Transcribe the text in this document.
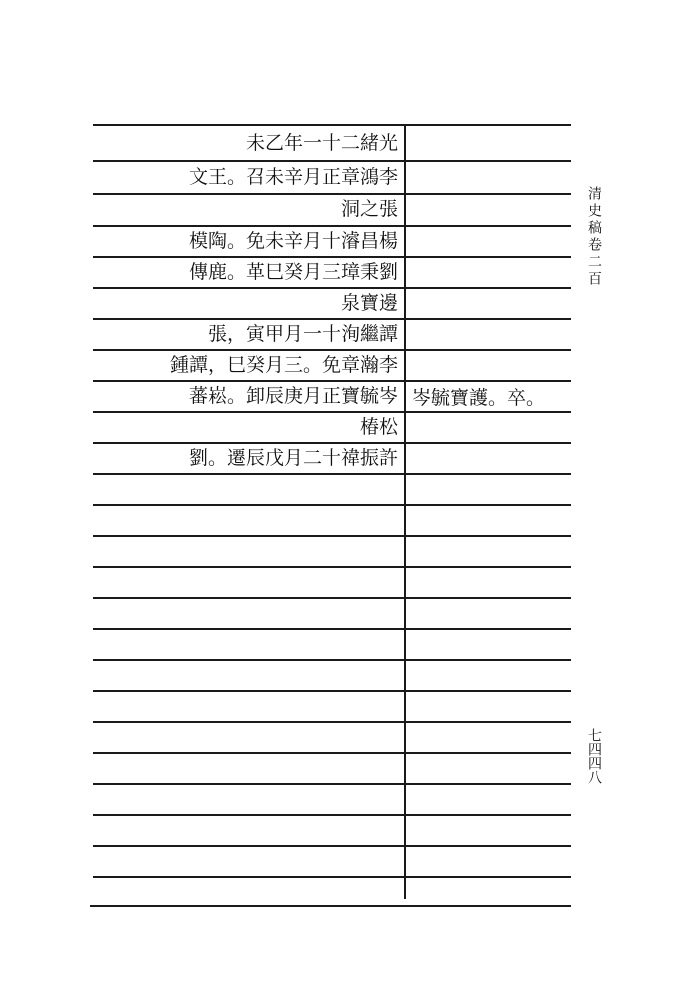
光緒二十一年乙未
李鴻章正月辛未召。王文
張之洞
楊昌濬十月辛未免。陶模
劉秉璋三月癸巳革。鹿傳
邊寶泉
譚繼洵十一月甲寅，張
李瀚章免。三月癸巳，譚鍾
岑毓寶正月庚辰卸。崧蕃
松椿
許振禕十二月戊辰遷。劉
岑毓寶護。卒。
清史稿卷二百
七四四八
